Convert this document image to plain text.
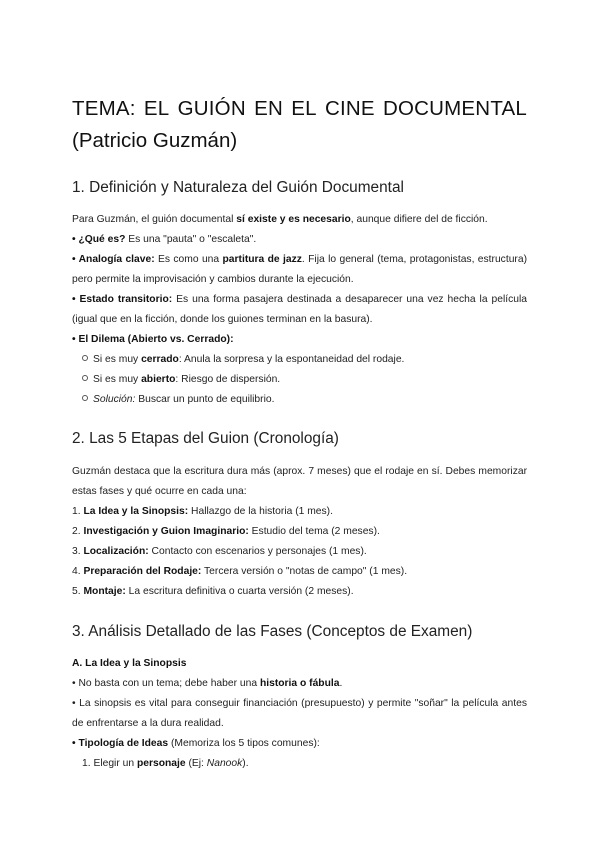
TEMA: EL GUIÓN EN EL CINE DOCUMENTAL
(Patricio Guzmán)
1. Definición y Naturaleza del Guión Documental

Para Guzmán, el guión documental sí existe y es necesario, aunque difiere del de ficción.

• ¿Qué es? Es una "pauta" o "escaleta".

• Analogía clave: Es como una partitura de jazz. Fija lo general (tema, protagonistas, estructura) pero permite la improvisación y cambios durante la ejecución.

• Estado transitorio: Es una forma pasajera destinada a desaparecer una vez hecha la película (igual que en la ficción, donde los guiones terminan en la basura).

• El Dilema (Abierto vs. Cerrado):

Si es muy cerrado: Anula la sorpresa y la espontaneidad del rodaje.

Si es muy abierto: Riesgo de dispersión.

Solución: Buscar un punto de equilibrio.

2. Las 5 Etapas del Guion (Cronología)

Guzmán destaca que la escritura dura más (aprox. 7 meses) que el rodaje en sí. Debes memorizar estas fases y qué ocurre en cada una:

1. La Idea y la Sinopsis: Hallazgo de la historia (1 mes).

2. Investigación y Guion Imaginario: Estudio del tema (2 meses).

3. Localización: Contacto con escenarios y personajes (1 mes).

4. Preparación del Rodaje: Tercera versión o "notas de campo" (1 mes).

5. Montaje: La escritura definitiva o cuarta versión (2 meses).

3. Análisis Detallado de las Fases (Conceptos de Examen)

A. La Idea y la Sinopsis

• No basta con un tema; debe haber una historia o fábula.

• La sinopsis es vital para conseguir financiación (presupuesto) y permite "soñar" la película antes de enfrentarse a la dura realidad.

• Tipología de Ideas (Memoriza los 5 tipos comunes):

1. Elegir un personaje (Ej: Nanook).
